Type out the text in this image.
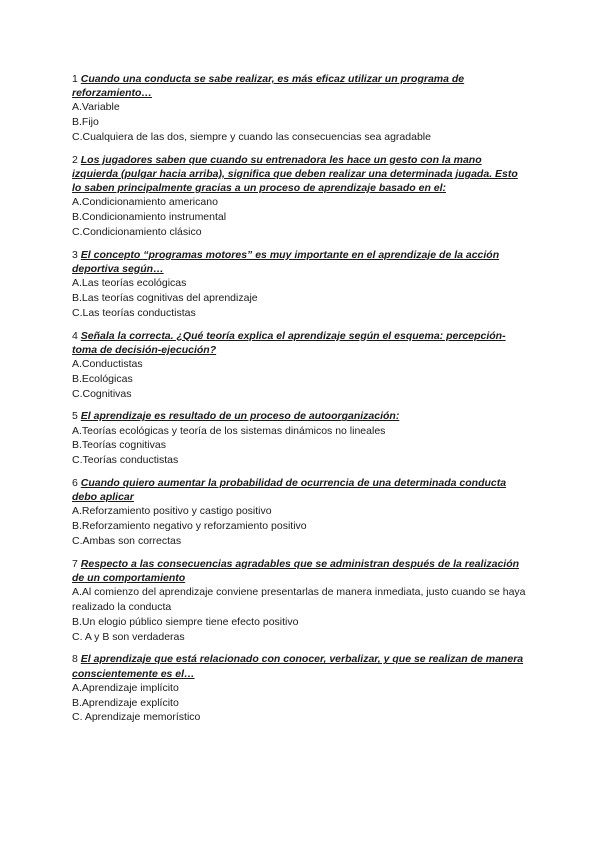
1 Cuando una conducta se sabe realizar, es más eficaz utilizar un programa de reforzamiento…

A.Variable
B.Fijo
C.Cualquiera de las dos, siempre y cuando las consecuencias sea agradable

2 Los jugadores saben que cuando su entrenadora les hace un gesto con la mano izquierda (pulgar hacia arriba), significa que deben realizar una determinada jugada. Esto lo saben principalmente gracias a un proceso de aprendizaje basado en el:

A.Condicionamiento americano
B.Condicionamiento instrumental
C.Condicionamiento clásico

3 El concepto “programas motores” es muy importante en el aprendizaje de la acción deportiva según…

A.Las teorías ecológicas
B.Las teorías cognitivas del aprendizaje
C.Las teorías conductistas

4 Señala la correcta. ¿Qué teoría explica el aprendizaje según el esquema: percepción-toma de decisión-ejecución?

A.Conductistas
B.Ecológicas
C.Cognitivas

5 El aprendizaje es resultado de un proceso de autoorganización:

A.Teorías ecológicas y teoría de los sistemas dinámicos no lineales
B.Teorías cognitivas
C.Teorías conductistas

6 Cuando quiero aumentar la probabilidad de ocurrencia de una determinada conducta debo aplicar

A.Reforzamiento positivo y castigo positivo
B.Reforzamiento negativo y reforzamiento positivo
C.Ambas son correctas

7 Respecto a las consecuencias agradables que se administran después de la realización de un comportamiento

A.Al comienzo del aprendizaje conviene presentarlas de manera inmediata, justo cuando se haya realizado la conducta
B.Un elogio público siempre tiene efecto positivo
C. A y B son verdaderas

8 El aprendizaje que está relacionado con conocer, verbalizar, y que se realizan de manera conscientemente es el…

A.Aprendizaje implícito
B.Aprendizaje explícito
C. Aprendizaje memorístico
